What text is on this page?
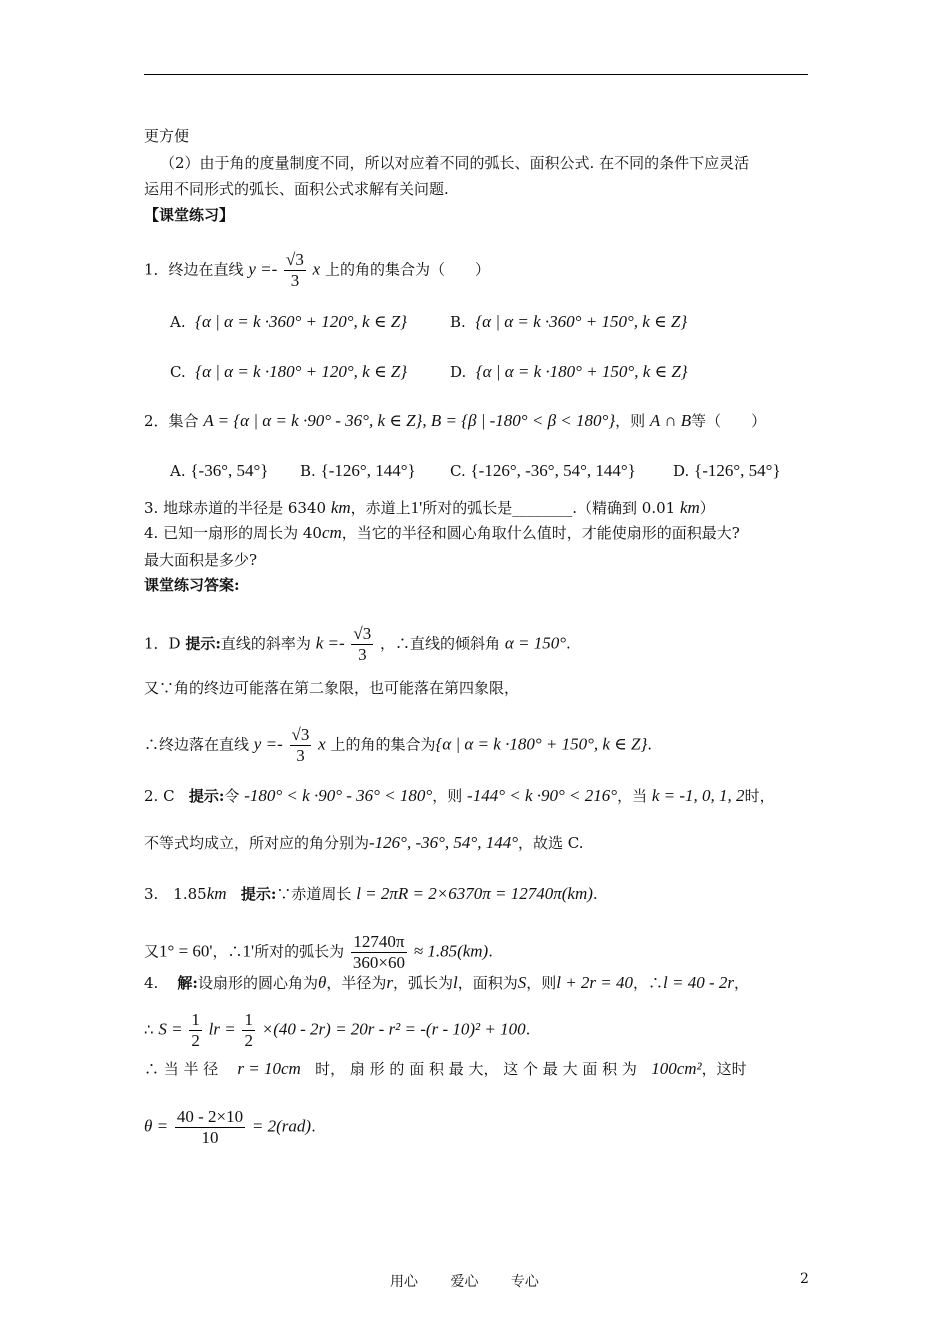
更方便
（2）由于角的度量制度不同，所以对应着不同的弧长、面积公式. 在不同的条件下应灵活
运用不同形式的弧长、面积公式求解有关问题.
【课堂练习】
1．终边在直线 $y =- \frac{√3}{3}$ x 上的角的集合为（　　）
A. {α | α = k ·360° + 120°, k ∈ Z}	B. {α | α = k ·360° + 150°, k ∈ Z}
C. {α | α = k ·180° + 120°, k ∈ Z}	D. {α | α = k ·180° + 150°, k ∈ Z}
2．集合 A = {α | α = k ·90° - 36°, k ∈ Z}, B = {β | -180° < β < 180°}，则 A ∩ B等（　　）
A. {-36°, 54°} B. {-126°, 144°} C. {-126°, -36°, 54°, 144°} D. {-126°, 54°}
3. 地球赤道的半径是 6340 km，赤道上1'所对的弧长是________.（精确到 0.01 km）
4. 已知一扇形的周长为 40cm，当它的半径和圆心角取什么值时，才能使扇形的面积最大?
最大面积是多少?
课堂练习答案:
1．D 提示:直线的斜率为 $k =- \frac{√3}{3}$ ，∴直线的倾斜角 α = 150°.
又∵角的终边可能落在第二象限，也可能落在第四象限，
∴终边落在直线 $y =- \frac{√3}{3}$ x 上的角的集合为{α | α = k ·180° + 150°, k ∈ Z}.
2. C 提示:令 -180° < k ·90° - 36° < 180°，则 -144° < k ·90° < 216°，当 k = -1, 0, 1, 2时，
不等式均成立，所对应的角分别为-126°, -36°, 54°, 144°，故选 C.
3.　1.85km 提示:∵赤道周长 l = 2πR = 2×6370π = 12740π(km).
又1° = 60'，∴1'所对的弧长为 $\frac{12740\pi}{360\times 60} \approx 1.85(km)$.
4. 解:设扇形的圆心角为θ，半径为r，弧长为l，面积为S，则l + 2r = 40，∴l = 40 - 2r，
∴ $S = \frac{1}{2}$ lr = $\frac{1}{2} \times(40 - 2r) = 20r - r^2 = -(r - 10)^2 + 100$.
∴ 当 半 径 r = 10cm 时， 扇 形 的 面 积 最 大， 这 个 最 大 面 积 为 100cm²，这时
$\theta = \frac{40 - 2\times 10}{10} = 2(rad)$.
用心　　 爱心　　 专心	2
